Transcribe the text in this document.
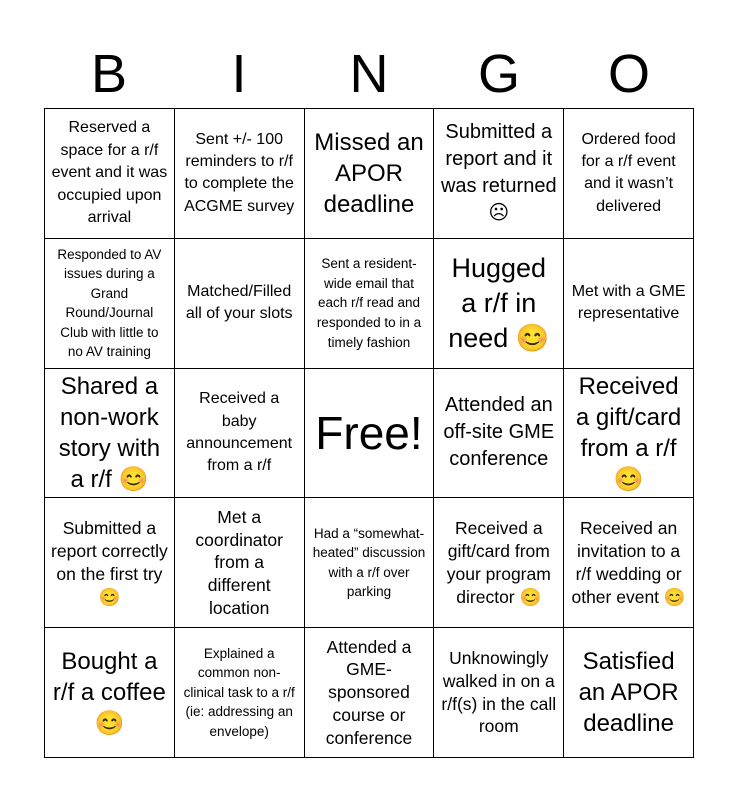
B	I	N	G	O
Reserved a space for a r/f event and it was occupied upon arrival
Sent +/- 100 reminders to r/f to complete the ACGME survey
Missed an APOR deadline
Submitted a report and it was returned ☹
Ordered food for a r/f event and it wasn’t delivered
Responded to AV issues during a Grand Round/Journal Club with little to no AV training
Matched/Filled all of your slots
Sent a resident-wide email that each r/f read and responded to in a timely fashion
Hugged a r/f in need 😊
Met with a GME representative
Shared a non-work story with a r/f 😊
Received a baby announcement from a r/f
Free!
Attended an off-site GME conference
Received a gift/card from a r/f 😊
Submitted a report correctly on the first try 😊
Met a coordinator from a different location
Had a “somewhat-heated” discussion with a r/f over parking
Received a gift/card from your program director 😊
Received an invitation to a r/f wedding or other event 😊
Bought a r/f a coffee 😊
Explained a common non-clinical task to a r/f (ie: addressing an envelope)
Attended a GME-sponsored course or conference
Unknowingly walked in on a r/f(s) in the call room
Satisfied an APOR deadline
